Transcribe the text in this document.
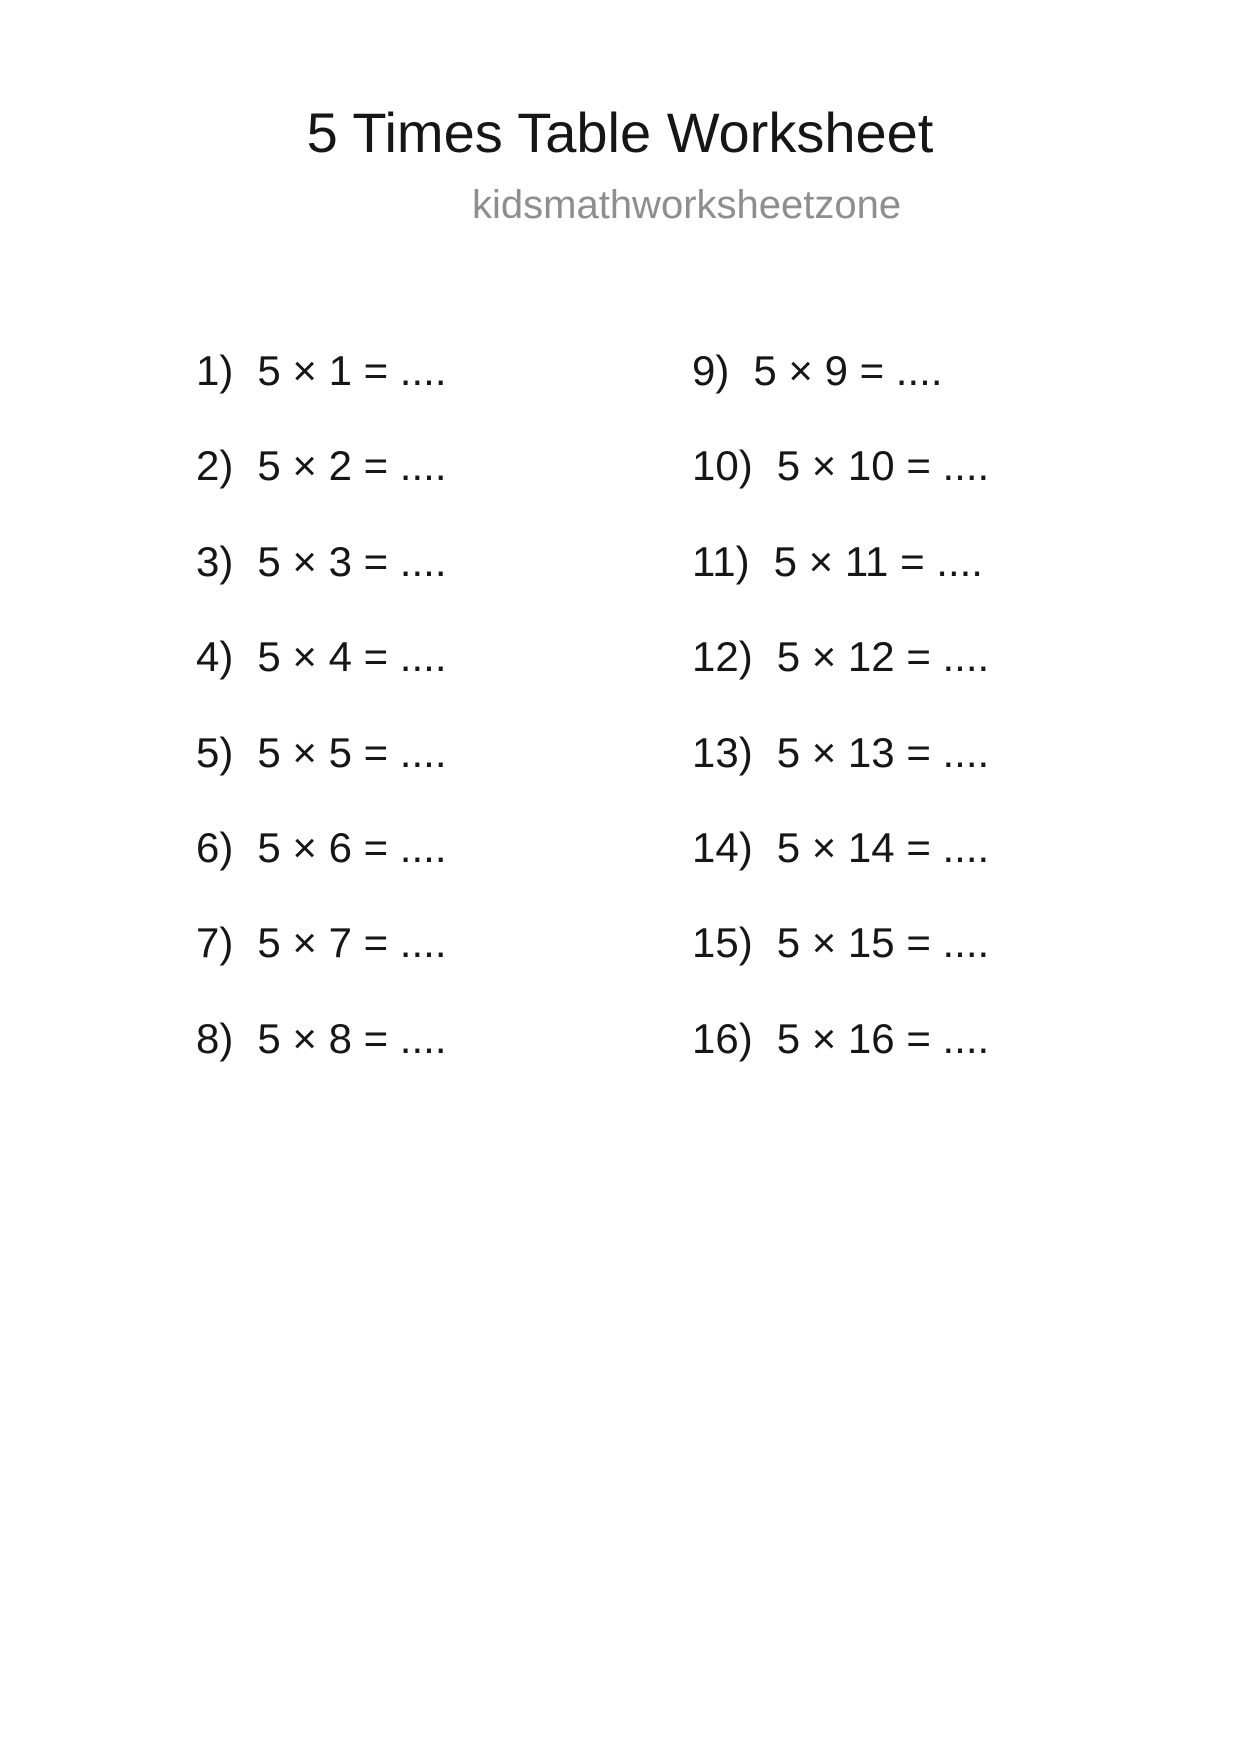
5 Times Table Worksheet
kidsmathworksheetzone
1) 5 × 1 = ....
2) 5 × 2 = ....
3) 5 × 3 = ....
4) 5 × 4 = ....
5) 5 × 5 = ....
6) 5 × 6 = ....
7) 5 × 7 = ....
8) 5 × 8 = ....
9) 5 × 9 = ....
10) 5 × 10 = ....
11) 5 × 11 = ....
12) 5 × 12 = ....
13) 5 × 13 = ....
14) 5 × 14 = ....
15) 5 × 15 = ....
16) 5 × 16 = ....
